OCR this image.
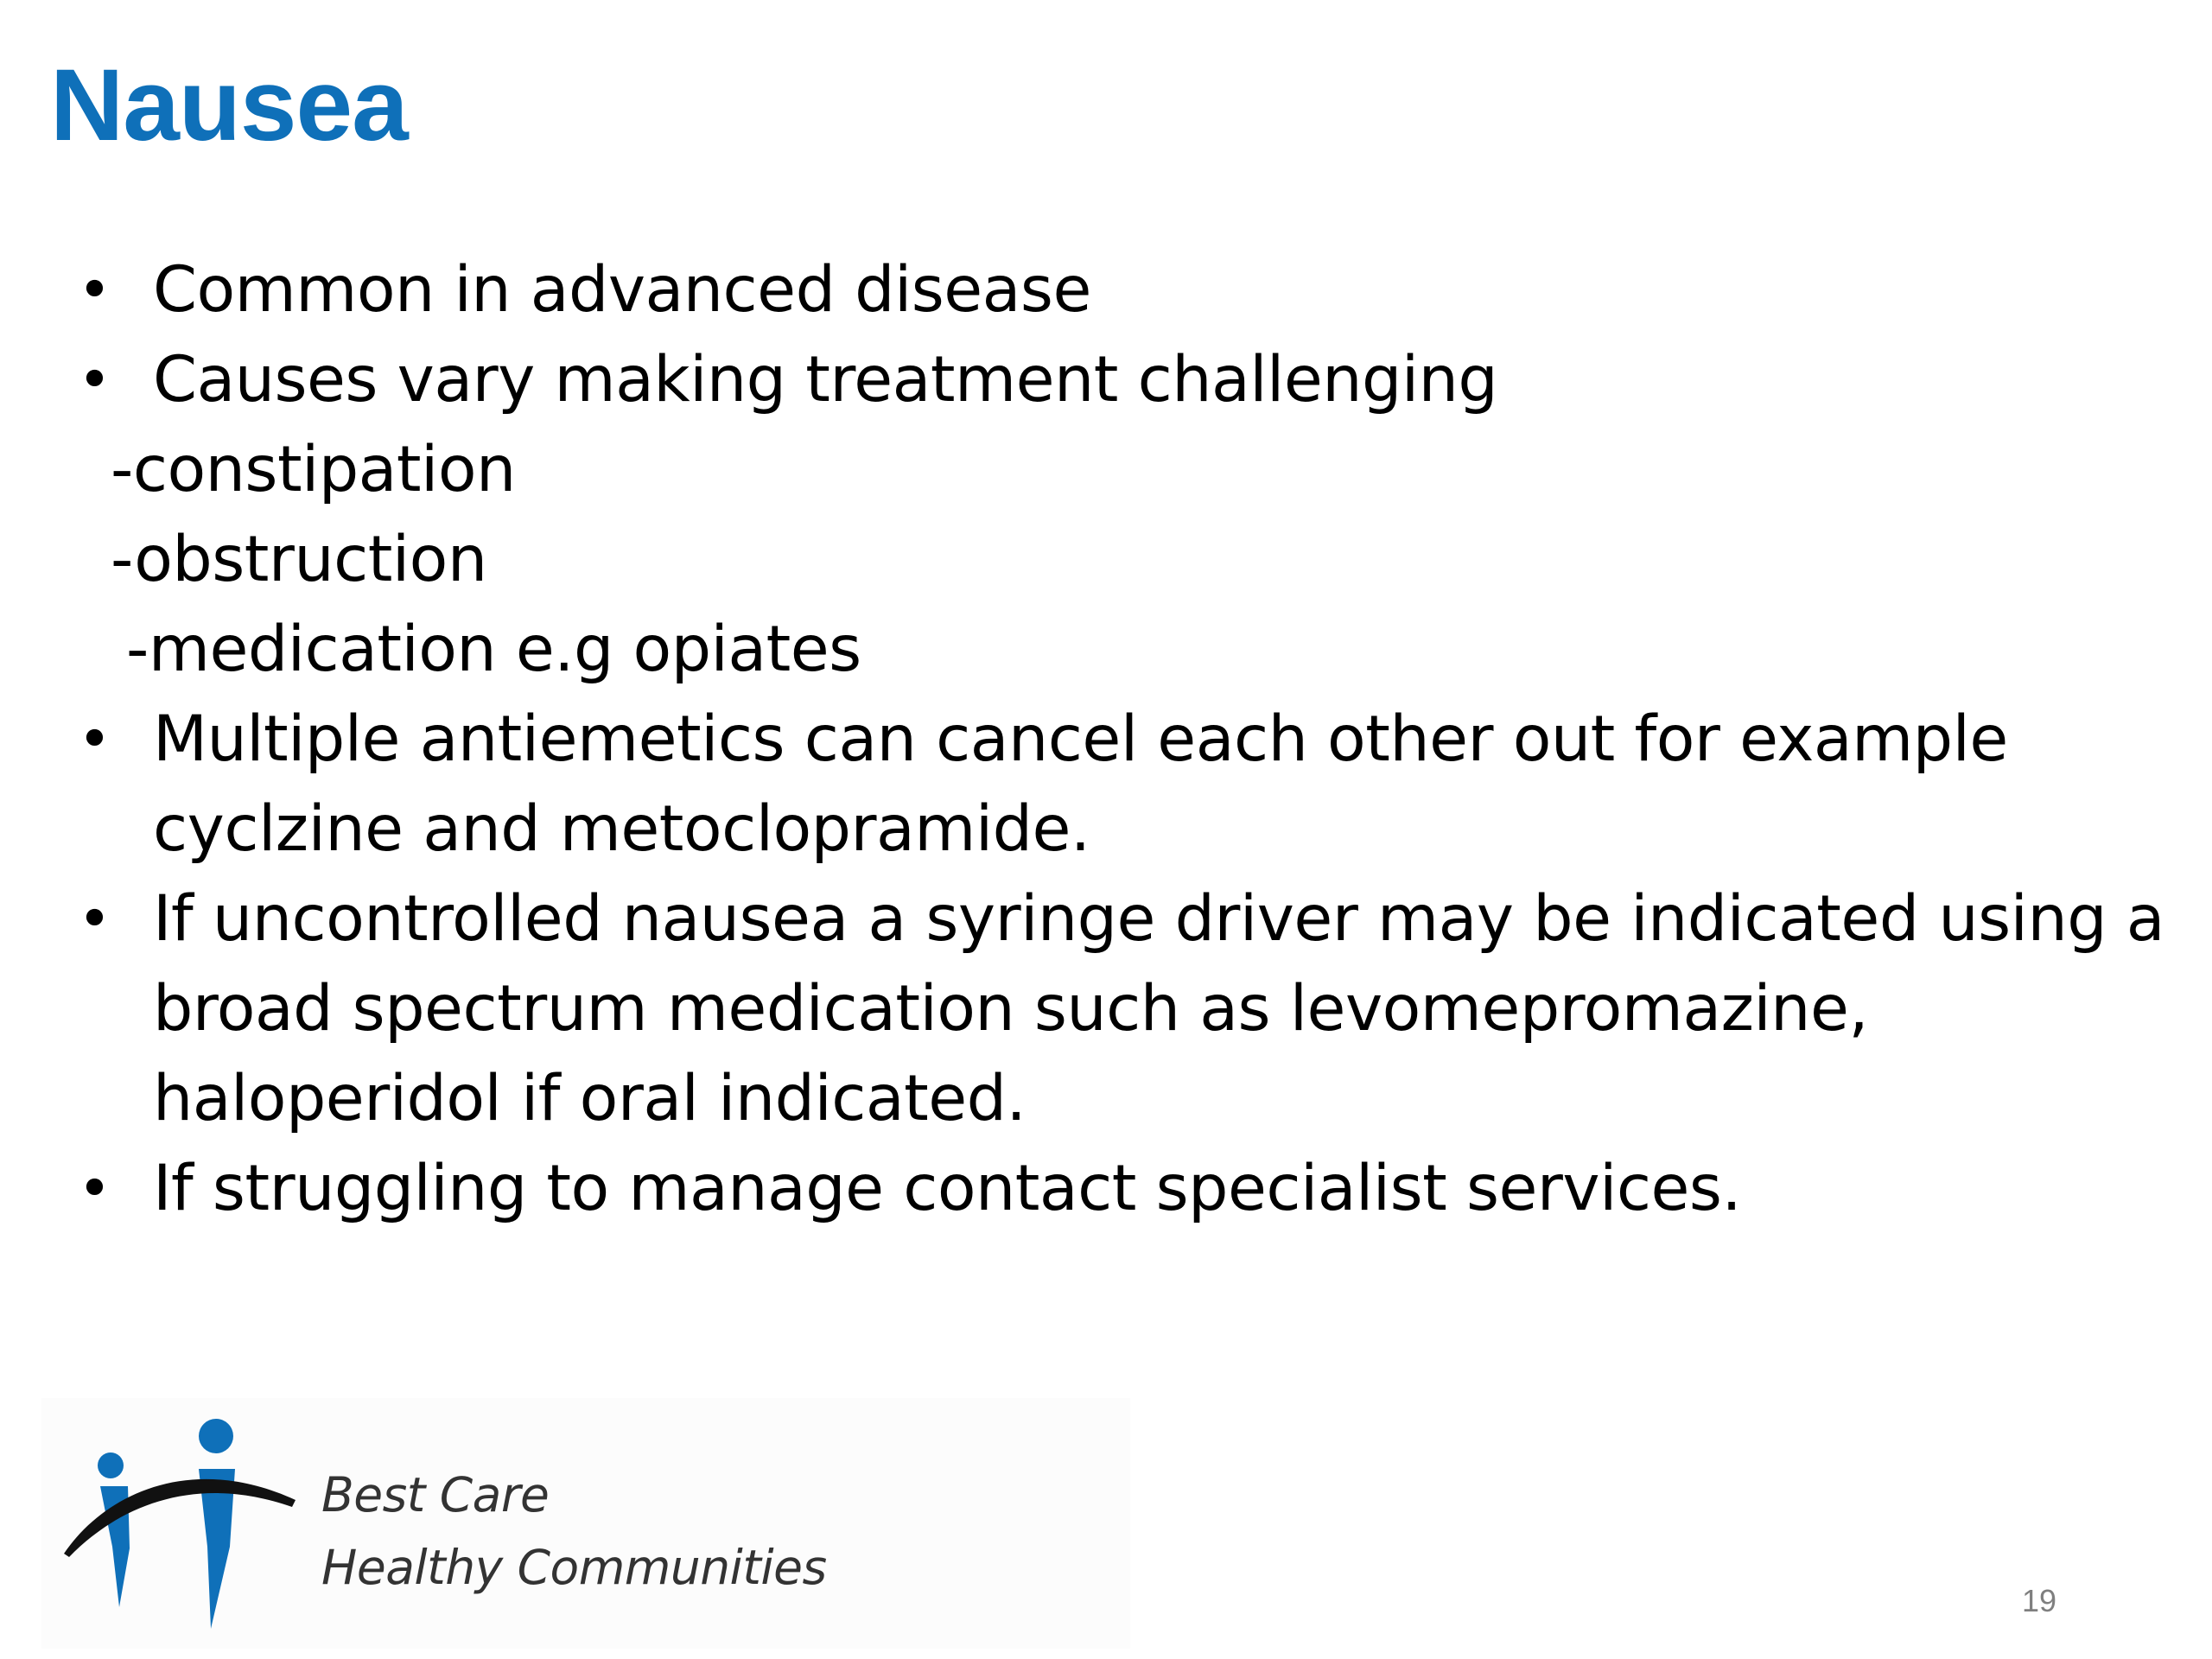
Nausea
• Common in advanced disease
• Causes vary making treatment challenging
-constipation
-obstruction
-medication e.g opiates
• Multiple antiemetics can cancel each other out for example cyclzine and metoclopramide.
• If uncontrolled nausea a syringe driver may be indicated using a broad spectrum medication such as levomepromazine, haloperidol if oral indicated.
• If struggling to manage contact specialist services.
Best Care
Healthy Communities
19
